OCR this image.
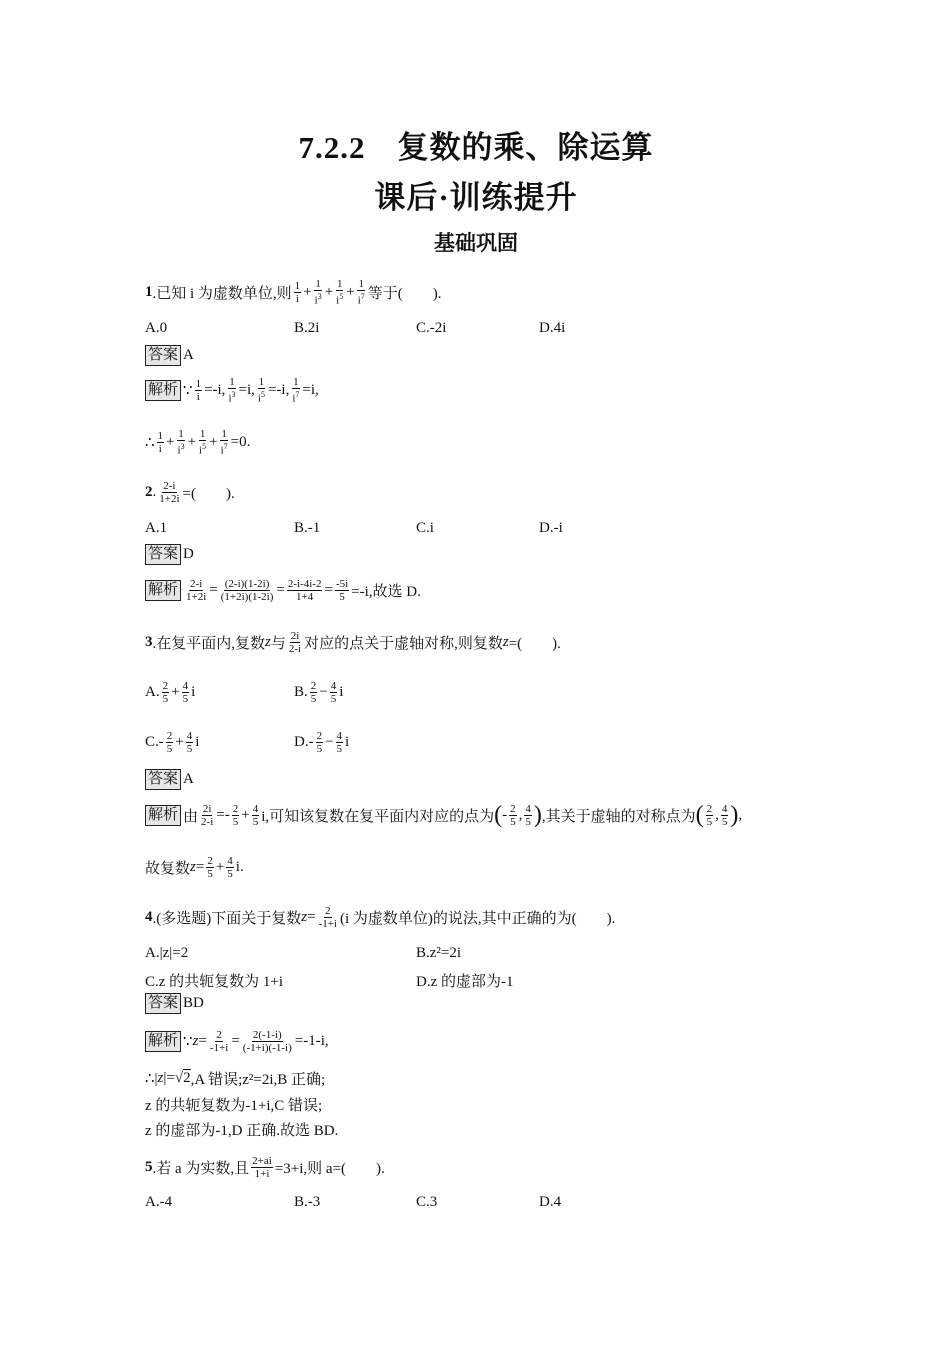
7.2.2　复数的乘、除运算
课后·训练提升
基础巩固
1 .已知 i 为虚数单位,则 $\frac{1}{i} + \frac{1}{i^3} + \frac{1}{i^5} + \frac{1}{i^7}$ 等于(　　).
A.0	B.2i	C.-2i	D.4i
答案 A
解析 ∵ $\frac{1}{i} =-i$, $\frac{1}{i^3} =i$, $\frac{1}{i^5} =-i$, $\frac{1}{i^7} =i$,
∴ $\frac{1}{i} + \frac{1}{i^3} + \frac{1}{i^5} + \frac{1}{i^7} =0$.
2 . $\frac{2-i}{1+2i}$ =(　　).
A.1	B.-1	C.i	D.-i
答案 D
解析 $\frac{2-i}{1+2i} = \frac{(2-i)(1-2i)}{(1+2i)(1-2i)} = \frac{2-i-4i-2}{1+4} = \frac{-5i}{5} =-i$,故选 D.
3 .在复平面内,复数 z 与 $\frac{2i}{2-i}$ 对应的点关于虚轴对称,则复数 z =(　　).
A. $\frac{2}{5} + \frac{4}{5}$ i	B. $\frac{2}{5} - \frac{4}{5}$ i
$C.- \frac{2}{5} + \frac{4}{5}$ i	$D.- \frac{2}{5} - \frac{4}{5}$ i
答案 A
解析 由 $\frac{2i}{2-i} =- \frac{2}{5} + \frac{4}{5} i$,可知该复数在复平面内对应的点为 ( - $\frac{2}{5}$ , $\frac{4}{5}$ ) ,其关于虚轴的对称点为 ( $\frac{2}{5}$ , $\frac{4}{5}$ ) ,
故复数 $z = \frac{2}{5} + \frac{4}{5} i$.
4 .(多选题)下面关于复数 $z = \frac{2}{-1+i} (i$ 为虚数单位)的说法,其中正确的为(　　).
A.|z|=2	B.z²=2i
C.z 的共轭复数为 1+i	D.z 的虚部为-1
答案 BD
解析 ∵ $z = \frac{2}{-1+i} = \frac{2(-1-i)}{(-1+i)(-1-i)} =-1-i$,
∴| z |=√ 2 ,A 错误;z²=2i,B 正确;
z 的共轭复数为-1+i,C 错误;
z 的虚部为-1,D 正确.故选 BD.
5 .若 a 为实数,且 $\frac{2+ai}{1+i} =3+i$,则 a=(　　).
A.-4	B.-3	C.3	D.4
